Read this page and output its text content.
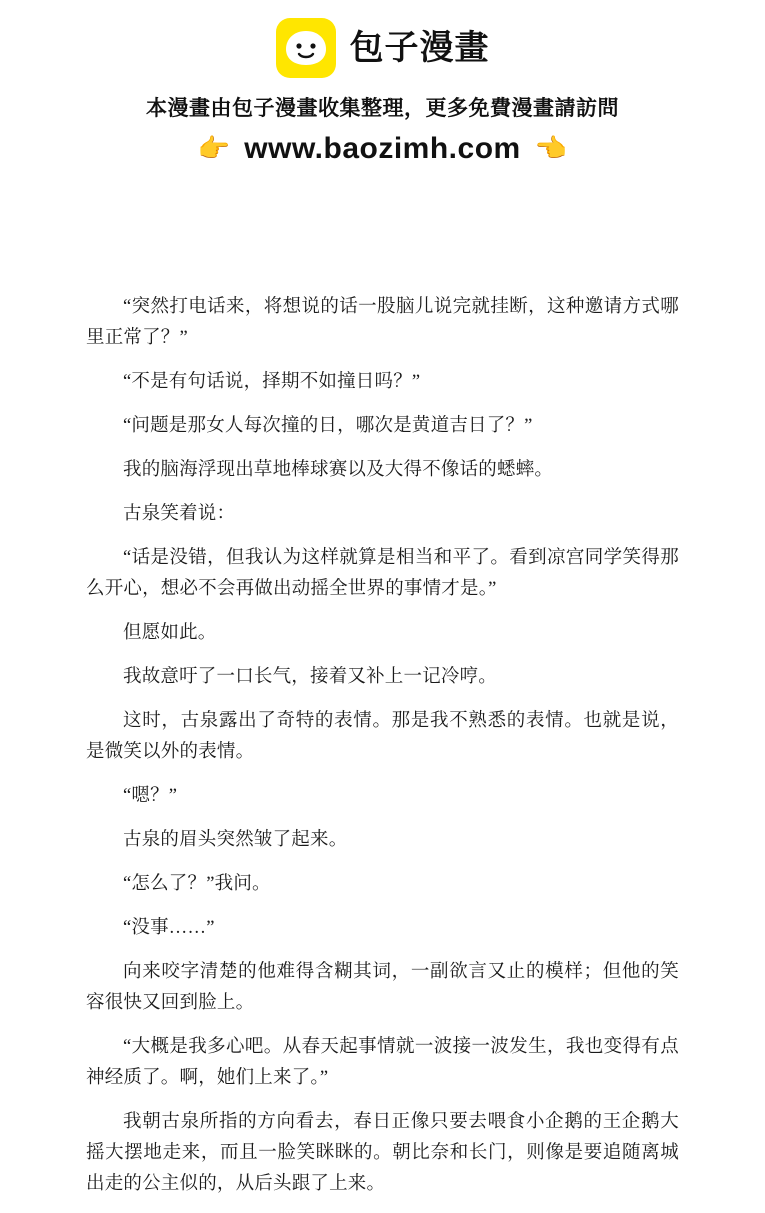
包子漫畫
本漫畫由包子漫畫收集整理，更多免費漫畫請訪問
👉 www.baozimh.com 👈

“突然打电话来，将想说的话一股脑儿说完就挂断，这种邀请方式哪里正常了？”

“不是有句话说，择期不如撞日吗？”

“问题是那女人每次撞的日，哪次是黄道吉日了？”

我的脑海浮现出草地棒球赛以及大得不像话的蟋蟀。

古泉笑着说：

“话是没错，但我认为这样就算是相当和平了。看到凉宫同学笑得那么开心，想必不会再做出动摇全世界的事情才是。”

但愿如此。

我故意吁了一口长气，接着又补上一记冷哼。

这时，古泉露出了奇特的表情。那是我不熟悉的表情。也就是说，是微笑以外的表情。

“嗯？”

古泉的眉头突然皱了起来。

“怎么了？”我问。

“没事……”

向来咬字清楚的他难得含糊其词，一副欲言又止的模样；但他的笑容很快又回到脸上。

“大概是我多心吧。从春天起事情就一波接一波发生，我也变得有点神经质了。啊，她们上来了。”

我朝古泉所指的方向看去，春日正像只要去喂食小企鹅的王企鹅大摇大摆地走来，而且一脸笑眯眯的。朝比奈和长门，则像是要追随离城出走的公主似的，从后头跟了上来。
